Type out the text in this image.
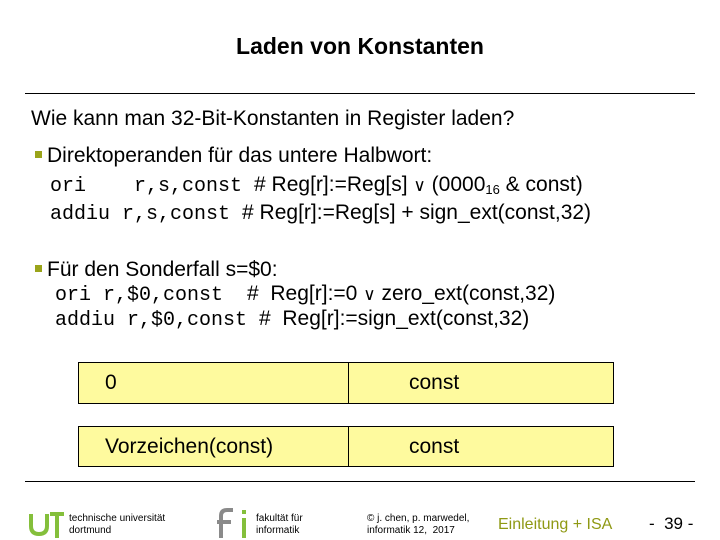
Laden von Konstanten
Wie kann man 32-Bit-Konstanten in Register laden?
Direktoperanden für das untere Halbwort:
ori    r,s,const # Reg[r]:=Reg[s] ∨ ($0000_{16}$ & const)
addiu r,s,const # Reg[r]:=Reg[s] + sign_ext(const,32)
Für den Sonderfall s=$0:
ori r,$0,const  #  Reg[r]:=0 ∨ zero_ext(const,32)
addiu r,$0,const #  Reg[r]:=sign_ext(const,32)
0	const
Vorzeichen(const)	const
technische universität
dortmund
fakultät für
informatik
© j. chen, p. marwedel,
informatik 12,  2017	Einleitung + ISA -  39 -
